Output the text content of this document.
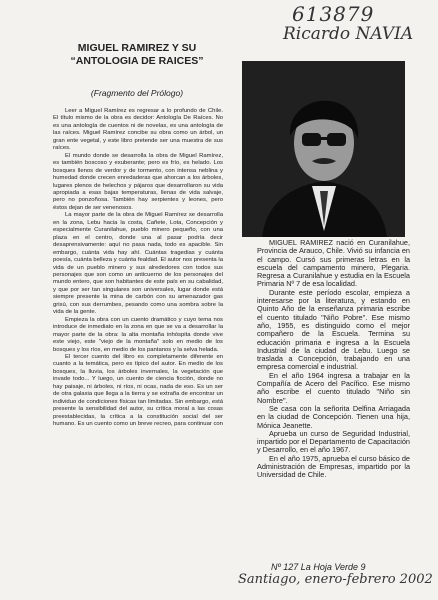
613879
Ricardo NAVIA
MIGUEL RAMIREZ Y SU
“ANTOLOGIA DE RAICES”
(Fragmento del Prólogo)

Leer a Miguel Ramírez es regresar a lo profundo de Chile. El título mismo de la obra es decidor: Antología De Raíces. No es una antología de cuentos ni de novelas, es una antología de las raíces. Miguel Ramírez concibe su obra como un árbol, un gran ente vegetal, y este libro pretende ser una muestra de sus raíces.

El mundo donde se desarrolla la obra de Miguel Ramírez, es también boscoso y exuberante; pero es frío, es helado. Los bosques llenos de verdor y de tormento, con intensa neblina y humedad donde crecen enredaderas que ahorcan a los árboles, lugares plenos de helechos y pájaros que desarrollaron su vida apropiada a esas bajas temperaturas, llenas de vida salvaje, pero no ponzoñosa. También hay serpientes y leones, pero éstos dejan de ser venenosos.

La mayor parte de la obra de Miguel Ramírez se desarrolla en la zona, Lebu hacia la costa, Cañete, Lota, Concepción y especialmente Curanilahue, pueblo minero pequeño, con una plaza en el centro, donde una al pasar podría decir desaprensivamente: aquí no pasa nada, todo es apacible. Sin embargo, cuánta vida hay ahí. Cuántas tragedias y cuánta poesía, cuánta belleza y cuánta fealdad. El autor nos presenta la vida de un pueblo minero y sus alrededores con todos sus personajes que son como un anticuerno de los personajes del mundo entero, que son habitantes de este país en su cabalidad, y que por ser tan singulares son universales, lugar donde está siempre presente la mina de carbón con su amenazador gas grisú, con sus derrumbes, pesando como una sombra sobre la vida de la gente.

Empieza la obra con un cuento dramático y cuyo tema nos introduce de inmediato en la zona en que se va a desarrollar la mayor parte de la obra: la alta montaña inhóspita donde vive este viejo, este "viejo de la montaña" solo en medio de los bosques y los ríos, en medio de los pantanos y la selva helada.

El tercer cuento del libro es completamente diferente en cuanto a la temática, pero es típico del autor. En medio de los bosques, la lluvia, los árboles invernales, la vegetación que invade todo... Y luego, un cuento de ciencia ficción, donde no hay paisaje, ni árboles, ni ríos, ni ocas, nada de eso. Es un ser de otra galaxia que llega a la tierra y se extraña de encontrar un individuo de condiciones físicas tan limitadas. Sin embargo, está presente la sensibilidad del autor, su crítica moral a las cosas preestablecidas, la crítica a la constitución social del ser humano. Es un cuento como un breve recreo, para continuar con

MIGUEL RAMIREZ nació en Curanilahue, Provincia de Arauco, Chile. Vivió su infancia en el campo. Cursó sus primeras letras en la escuela del campamento minero, Plegaria. Regresa a Curanilahue y estudia en la Escuela Primaria Nº 7 de esa localidad.

Durante este período escolar, empieza a interesarse por la literatura, y estando en Quinto Año de la enseñanza primaria escribe el cuento titulado "Niño Pobre". Ese mismo año, 1955, es distinguido como el mejor compañero de la Escuela. Termina su educación primaria e ingresa a la Escuela Industrial de la ciudad de Lebu. Luego se traslada a Concepción, trabajando en una empresa comercial e industrial.

En el año 1964 ingresa a trabajar en la Compañía de Acero del Pacífico. Ese mismo año escribe el cuento titulado "Niño sin Nombre".

Se casa con la señorita Delfina Arriagada en la ciudad de Concepción. Tienen una hija, Mónica Jeanette.

Aprueba un curso de Seguridad Industrial, impartido por el Departamento de Capacitación y Desarrollo, en el año 1967.

En el año 1975, aprueba el curso básico de Administración de Empresas, impartido por la Universidad de Chile.

Nº 127 La Hoja Verde 9
Santiago, enero-febrero 2002
